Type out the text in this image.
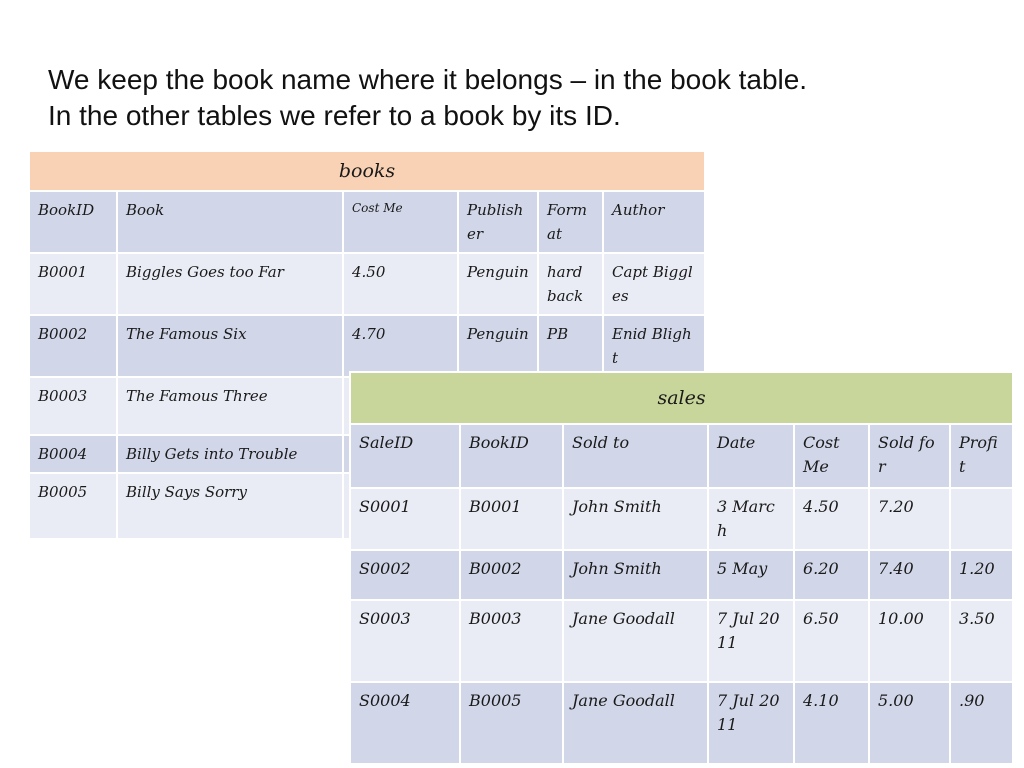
We keep the book name where it belongs – in the book table.
In the other tables we refer to a book by its ID.
books					
BookID	Book	Cost Me	Publisher	Format	Author
B0001	Biggles Goes too Far	4.50	Penguin	hard back	Capt Biggles
B0002	The Famous Six	4.70	Penguin	PB	Enid Blight
B0003	The Famous Three				
B0004	Billy Gets into Trouble				
B0005	Billy Says Sorry				
sales						
SaleID	BookID	Sold to	Date	Cost Me	Sold for	Profit
S0001	B0001	John Smith	3 March	4.50	7.20	
S0002	B0002	John Smith	5 May	6.20	7.40	1.20
S0003	B0003	Jane Goodall	7 Jul 2011	6.50	10.00	3.50
S0004	B0005	Jane Goodall	7 Jul 2011	4.10	5.00	.90
